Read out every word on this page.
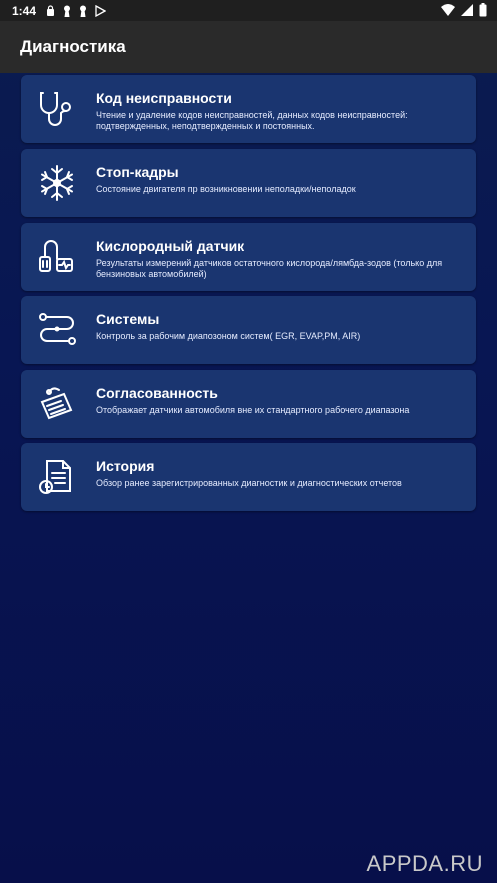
1:44
Диагностика
Код неисправности
Чтение и удаление кодов неисправностей, данных кодов неисправностей: подтвержденных, неподтвержденных и постоянных.
Стоп-кадры
Состояние двигателя пр возникновении неполадки/неполадок
Кислородный датчик
Результаты измерений датчиков остаточного кислорода/лямбда-зодов (только для бензиновых автомобилей)
Системы
Контроль за рабочим диапозоном систем( EGR, EVAP,PM, AIR)
Согласованность
Отображает датчики автомобиля вне их стандартного рабочего диапазона
История
Обзор ранее зарегистрированных диагностик и диагностических отчетов
APPDA.RU
